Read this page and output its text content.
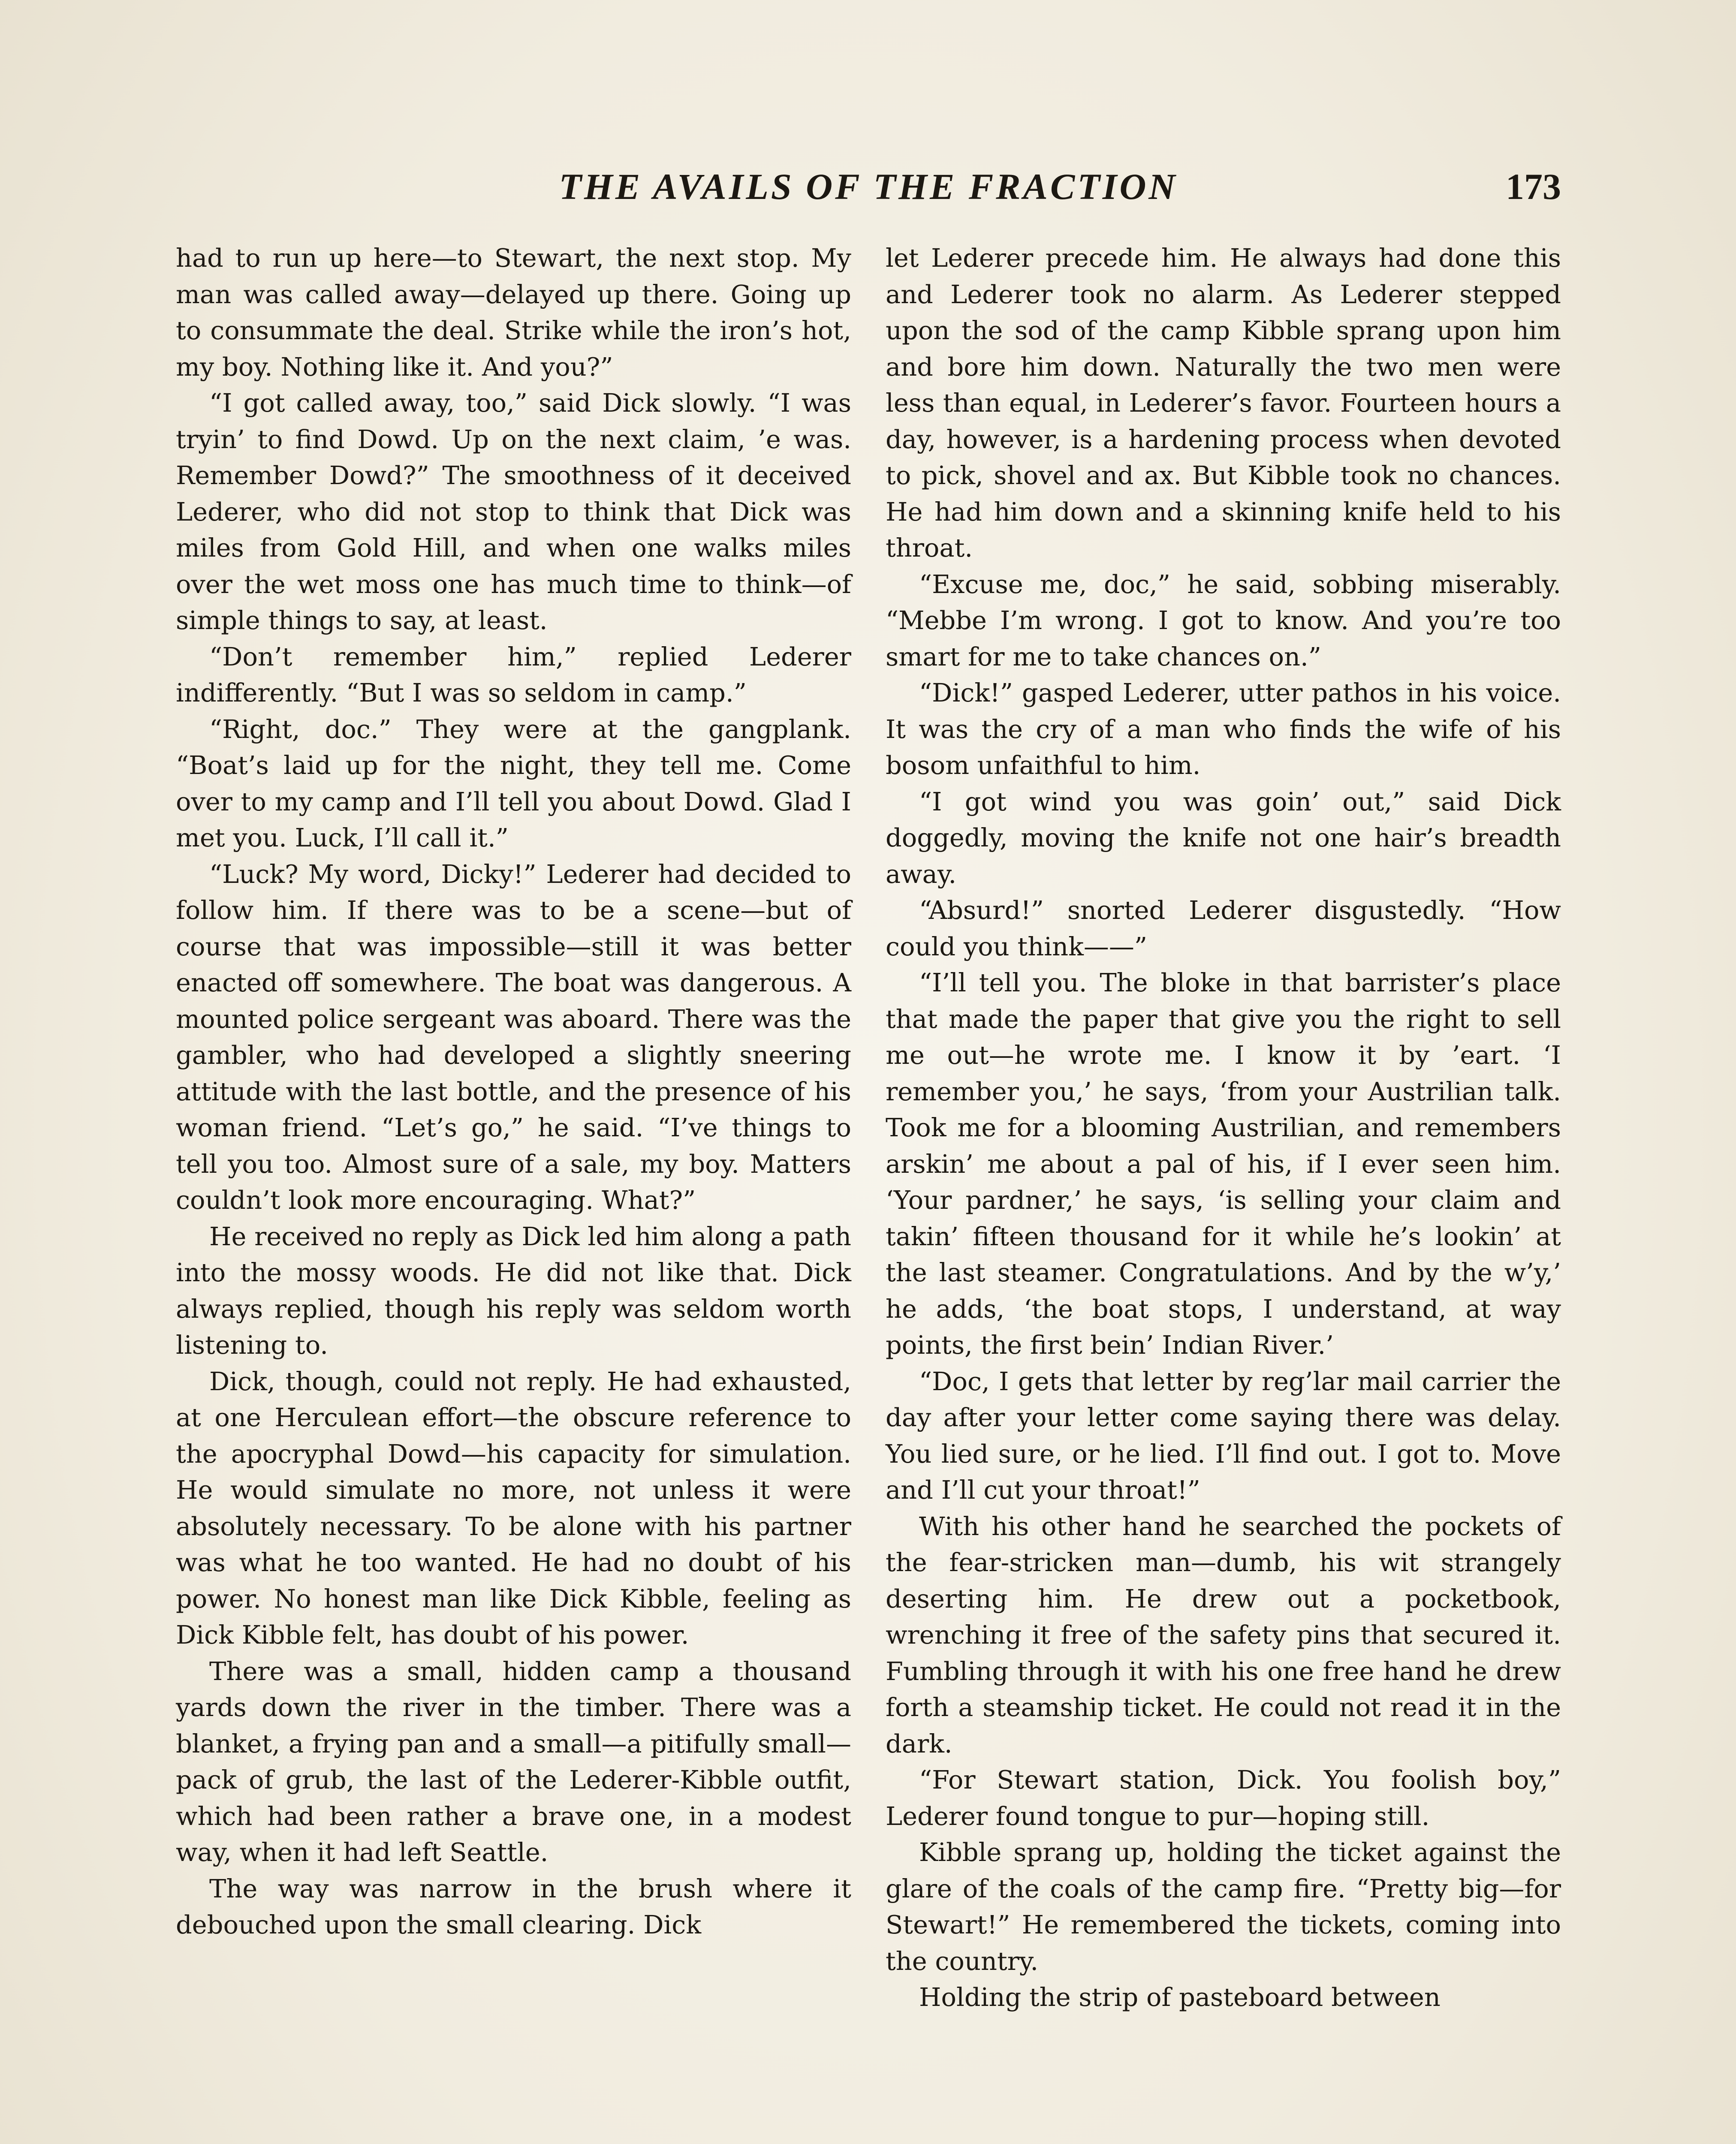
THE AVAILS OF THE FRACTION	173

had to run up here—to Stewart, the next stop. My man was called away—delayed up there. Going up to consummate the deal. Strike while the iron’s hot, my boy. Nothing like it. And you?”

“I got called away, too,” said Dick slowly. “I was tryin’ to find Dowd. Up on the next claim, ’e was. Remember Dowd?” The smoothness of it deceived Lederer, who did not stop to think that Dick was miles from Gold Hill, and when one walks miles over the wet moss one has much time to think—of simple things to say, at least.

“Don’t remember him,” replied Lederer indifferently. “But I was so seldom in camp.”

“Right, doc.” They were at the gangplank. “Boat’s laid up for the night, they tell me. Come over to my camp and I’ll tell you about Dowd. Glad I met you. Luck, I’ll call it.”

“Luck? My word, Dicky!” Lederer had decided to follow him. If there was to be a scene—but of course that was impossible—still it was better enacted off somewhere. The boat was dangerous. A mounted police sergeant was aboard. There was the gambler, who had developed a slightly sneering attitude with the last bottle, and the presence of his woman friend. “Let’s go,” he said. “I’ve things to tell you too. Almost sure of a sale, my boy. Matters couldn’t look more encouraging. What?”

He received no reply as Dick led him along a path into the mossy woods. He did not like that. Dick always replied, though his reply was seldom worth listening to.

Dick, though, could not reply. He had exhausted, at one Herculean effort—the obscure reference to the apocryphal Dowd—his capacity for simulation. He would simulate no more, not unless it were absolutely necessary. To be alone with his partner was what he too wanted. He had no doubt of his power. No honest man like Dick Kibble, feeling as Dick Kibble felt, has doubt of his power.

There was a small, hidden camp a thousand yards down the river in the timber. There was a blanket, a frying pan and a small—a pitifully small—pack of grub, the last of the Lederer-Kibble outfit, which had been rather a brave one, in a modest way, when it had left Seattle.

The way was narrow in the brush where it debouched upon the small clearing. Dick

let Lederer precede him. He always had done this and Lederer took no alarm. As Lederer stepped upon the sod of the camp Kibble sprang upon him and bore him down. Naturally the two men were less than equal, in Lederer’s favor. Fourteen hours a day, however, is a hardening process when devoted to pick, shovel and ax. But Kibble took no chances. He had him down and a skinning knife held to his throat.

“Excuse me, doc,” he said, sobbing miserably. “Mebbe I’m wrong. I got to know. And you’re too smart for me to take chances on.”

“Dick!” gasped Lederer, utter pathos in his voice. It was the cry of a man who finds the wife of his bosom unfaithful to him.

“I got wind you was goin’ out,” said Dick doggedly, moving the knife not one hair’s breadth away.

“Absurd!” snorted Lederer disgustedly. “How could you think——”

“I’ll tell you. The bloke in that barrister’s place that made the paper that give you the right to sell me out—he wrote me. I know it by ’eart. ‘I remember you,’ he says, ‘from your Austrilian talk. Took me for a blooming Austrilian, and remembers arskin’ me about a pal of his, if I ever seen him. ‘Your pardner,’ he says, ‘is selling your claim and takin’ fifteen thousand for it while he’s lookin’ at the last steamer. Congratulations. And by the w’y,’ he adds, ‘the boat stops, I understand, at way points, the first bein’ Indian River.’

“Doc, I gets that letter by reg’lar mail carrier the day after your letter come saying there was delay. You lied sure, or he lied. I’ll find out. I got to. Move and I’ll cut your throat!”

With his other hand he searched the pockets of the fear-stricken man—dumb, his wit strangely deserting him. He drew out a pocketbook, wrenching it free of the safety pins that secured it. Fumbling through it with his one free hand he drew forth a steamship ticket. He could not read it in the dark.

“For Stewart station, Dick. You foolish boy,” Lederer found tongue to pur—hoping still.

Kibble sprang up, holding the ticket against the glare of the coals of the camp fire. “Pretty big—for Stewart!” He remembered the tickets, coming into the country.

Holding the strip of pasteboard between
